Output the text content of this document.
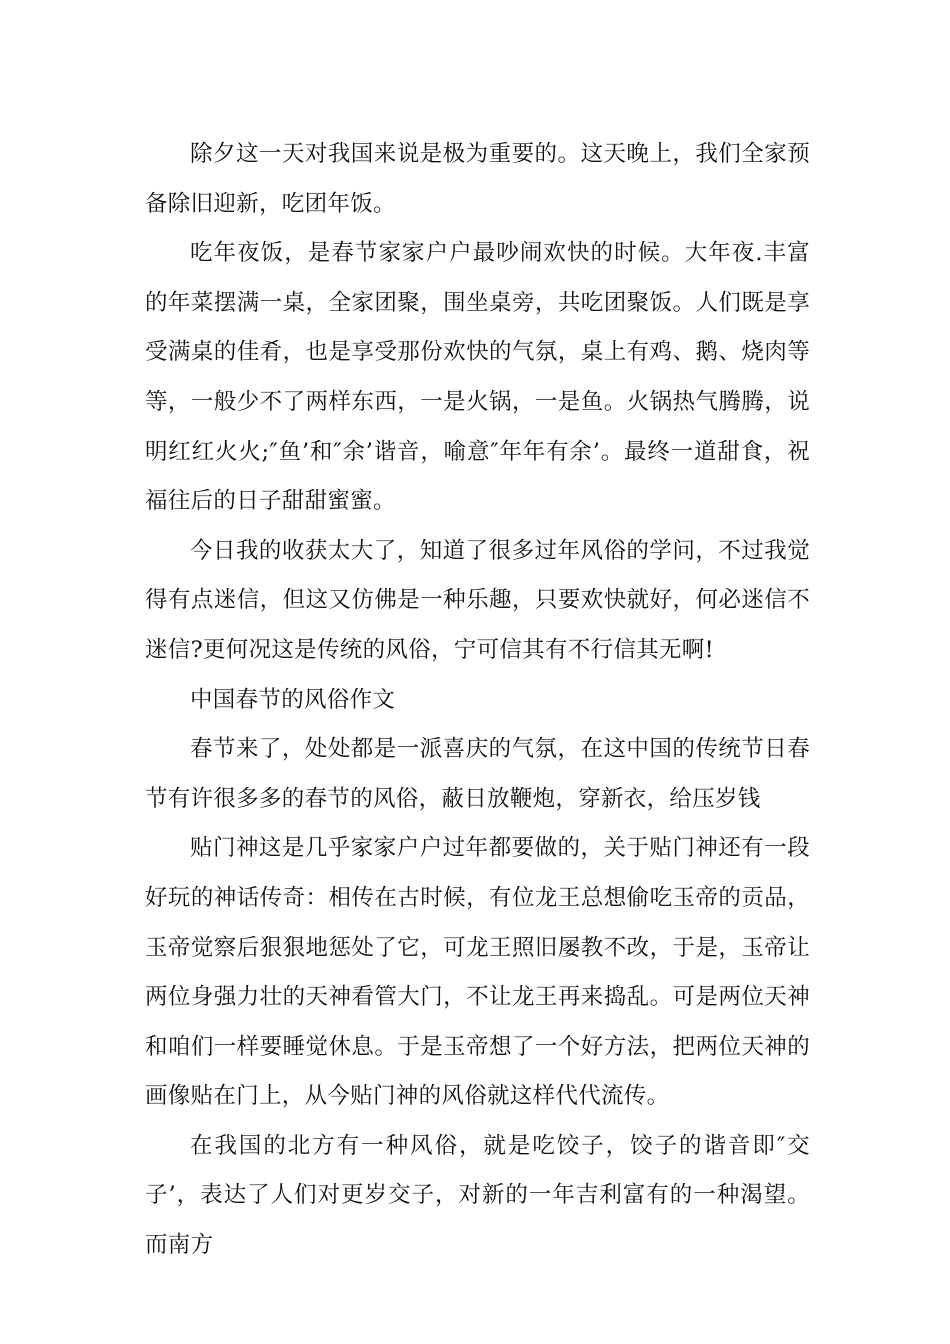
除夕这一天对我国来说是极为重要的。这天晚上，我们全家预备除旧迎新，吃团年饭。

吃年夜饭，是春节家家户户最吵闹欢快的时候。大年夜.丰富的年菜摆满一桌，全家团聚，围坐桌旁，共吃团聚饭。人们既是享受满桌的佳肴，也是享受那份欢快的气氛，桌上有鸡、鹅、烧肉等等，一般少不了两样东西，一是火锅，一是鱼。火锅热气腾腾，说明红红火火;″鱼’和″余’谐音，喻意″年年有余’。最终一道甜食，祝福往后的日子甜甜蜜蜜。

今日我的收获太大了，知道了很多过年风俗的学问，不过我觉得有点迷信，但这又仿佛是一种乐趣，只要欢快就好，何必迷信不迷信?更何况这是传统的风俗，宁可信其有不行信其无啊!

中国春节的风俗作文

春节来了，处处都是一派喜庆的气氛，在这中国的传统节日春节有许很多多的春节的风俗，蔽日放鞭炮，穿新衣，给压岁钱

贴门神这是几乎家家户户过年都要做的，关于贴门神还有一段好玩的神话传奇：相传在古时候，有位龙王总想偷吃玉帝的贡品，玉帝觉察后狠狠地惩处了它，可龙王照旧屡教不改，于是，玉帝让两位身强力壮的天神看管大门，不让龙王再来捣乱。可是两位天神和咱们一样要睡觉休息。于是玉帝想了一个好方法，把两位天神的画像贴在门上，从今贴门神的风俗就这样代代流传。

在我国的北方有一种风俗，就是吃饺子，饺子的谐音即″交子’，表达了人们对更岁交子，对新的一年吉利富有的一种渴望。而南方
